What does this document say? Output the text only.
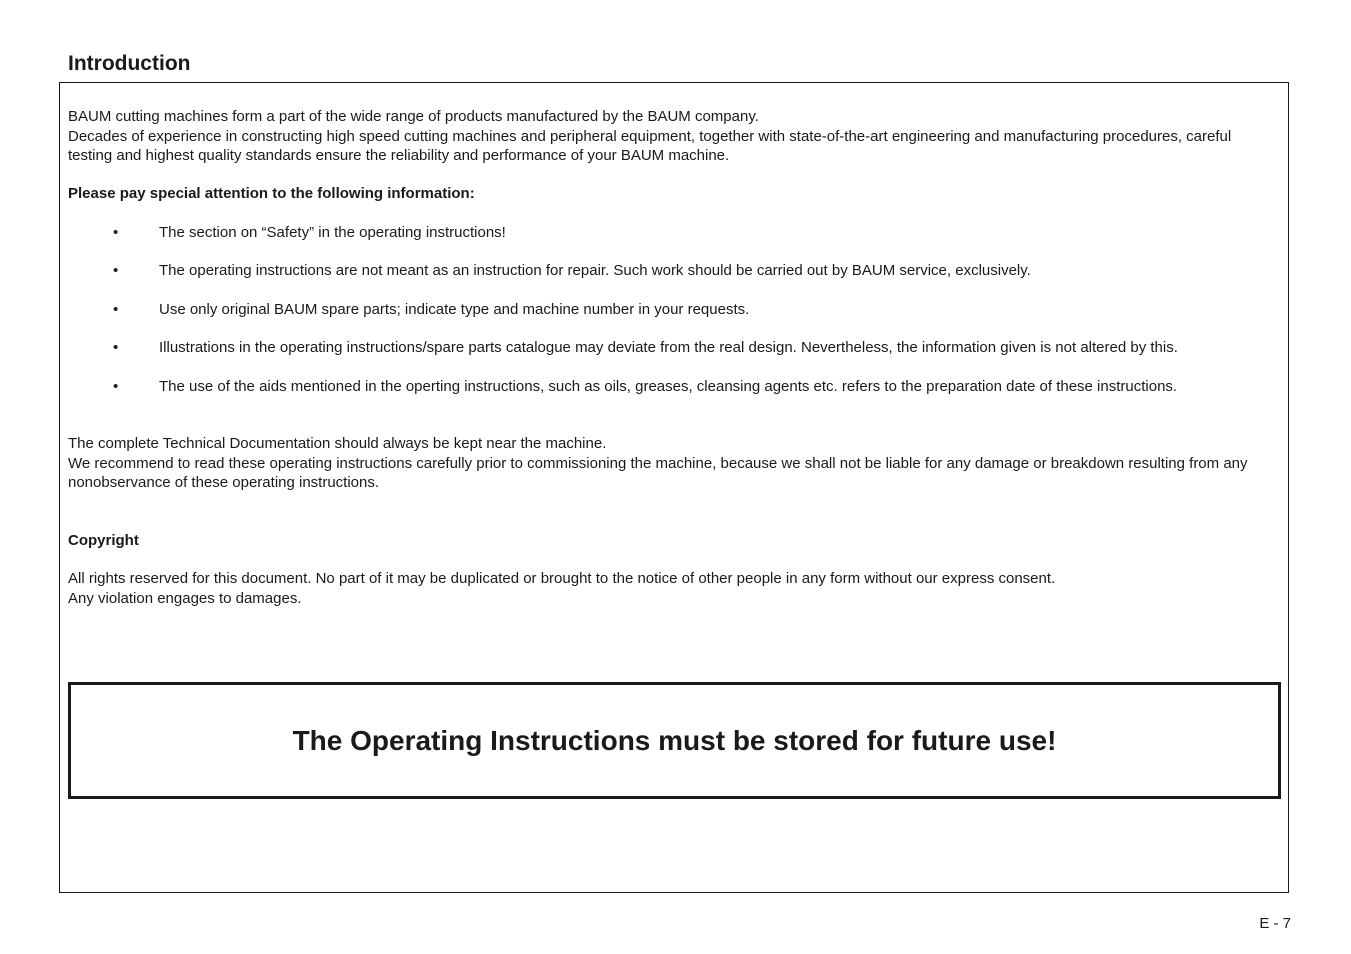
Introduction
BAUM cutting machines form a part of the wide range of products manufactured by the BAUM company.
Decades of experience in constructing high speed cutting machines and peripheral equipment, together with state-of-the-art engineering and manufacturing procedures, careful testing and highest quality standards ensure the reliability and performance of your BAUM machine.
Please pay special attention to the following information:
•	The section on “Safety” in the operating instructions!
•	The operating instructions are not meant as an instruction for repair. Such work should be carried out by BAUM service, exclusively.
•	Use only original BAUM spare parts; indicate type and machine number in your requests.
•	Illustrations in the operating instructions/spare parts catalogue may deviate from the real design. Nevertheless, the information given is not altered by this.
•	The use of the aids mentioned in the operting instructions, such as oils, greases, cleansing agents etc. refers to the preparation date of these instructions.
The complete Technical Documentation should always be kept near the machine.
We recommend to read these operating instructions carefully prior to commissioning the machine, because we shall not be liable for any damage or breakdown resulting from any nonobservance of these operating instructions.
Copyright
All rights reserved for this document. No part of it may be duplicated or brought to the notice of other people in any form without our express consent.
Any violation engages to damages.

The Operating Instructions must be stored for future use!

E - 7
